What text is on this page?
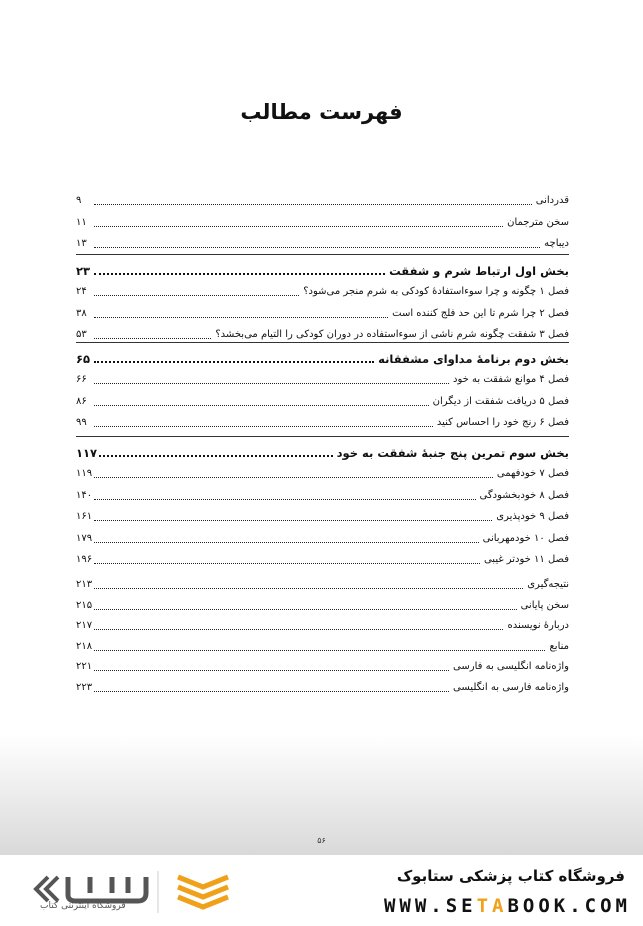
فهرست مطالب
قدردانی
۹
سخن مترجمان
۱۱
دیباچه
۱۳
بخش اول ارتباط شرم و شفقت
۲۳
فصل ۱ چگونه و چرا سوءاستفادهٔ کودکی به شرم منجر می‌شود؟
۲۴
فصل ۲ چرا شرم تا این حد فلج کننده است
۳۸
فصل ۳ شفقت چگونه شرم ناشی از سوءاستفاده در دوران کودکی را التیام می‌بخشد؟
۵۳
بخش دوم برنامهٔ مداوای مشفقانه
۶۵
فصل ۴ موانع شفقت به خود
۶۶
فصل ۵ دریافت شفقت از دیگران
۸۶
فصل ۶ رنج خود را احساس کنید
۹۹
بخش سوم تمرین پنج جنبهٔ شفقت به خود
۱۱۷
فصل ۷ خودفهمی
۱۱۹
فصل ۸ خودبخشودگی
۱۴۰
فصل ۹ خودپذیری
۱۶۱
فصل ۱۰ خودمهربانی
۱۷۹
فصل ۱۱ خودتر غیبی
۱۹۶
نتیجه‌گیری
۲۱۳
سخن پایانی
۲۱۵
دربارهٔ نویسنده
۲۱۷
منابع
۲۱۸
واژه‌نامه انگلیسی به فارسی
۲۲۱
واژه‌نامه فارسی به انگلیسی
۲۲۳
۵۶
فروشگاه اینترنتی کتاب
فروشگاه کتاب پزشکی ستابوک
WWW.SETABOOK.COM
